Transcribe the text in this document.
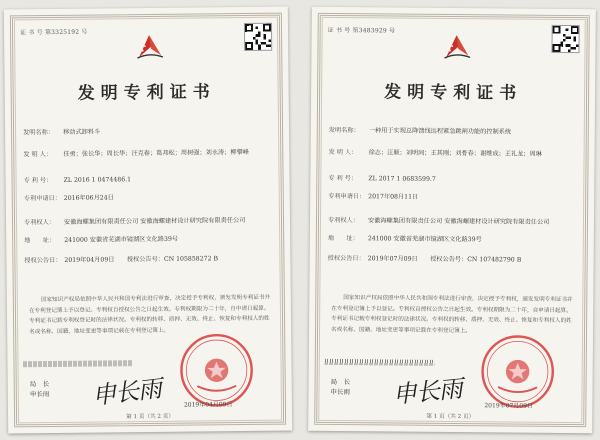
证 书 号 第3325192 号
发明专利证书
发明名称： 移动式卸料斗
发 明 人： 任勇；张长华；周长华；汪克春；葛邦松；周树强；刘永涛；柳攀峰
专 利 号： ZL 2016 1 0474486.1
专利申请日： 2016年06月24日
专利权人： 安徽海螺集团有限责任公司 安徽海螺建材设计研究院有限责任公司
地　　址： 241000 安徽省芜湖市镜湖区文化路39号
授权公告日： 2019年04月09日　　授权公告号：CN 105858272 B
国家知识产权局依照中华人民共和国专利法进行审查，决定授予专利权，颁发发明专利证书并在专利登记簿上予以登记。专利权自授权公告之日起生效。专利权期限为二十年，自申请日起算。专利证书记载专利权登记时的法律状况。专利权的转移、质押、无效、终止、恢复和专利权人的姓名或名称、国籍、地址变更等事项记载在专利登记簿上。
局　长
申长雨 申长雨	2019年04月09日
第 1 页（共 2 页）
证 书 号 第3483929 号
发明专利证书
发明名称： 一种用于实现总降馈线远程紧急跳闸功能的控制系统
发 明 人： 徐志；汪顺；刘明同；王其刚；刘骨春；谢维成；王礼龙；周琳
专 利 号： ZL 2017 1 0683599.7
专利申请日： 2017年08月11日
专利权人： 安徽海螺集团有限责任公司 安徽海螺建材设计研究院有限责任公司
地　　址： 241000 安徽省芜湖市镜湖区文化路39号
授权公告日： 2019年07月09日　　授权公告号：CN 107482790 B
国家知识产权局依照中华人民共和国专利法进行审查，决定授予专利权，颁发发明专利证书并在专利登记簿上予以登记。专利权自授权公告之日起生效。专利权期限为二十年，自申请日起算。专利证书记载专利权登记时的法律状况。专利权的转移、质押、无效、终止、恢复和专利权人的姓名或名称、国籍、地址变更等事项记载在专利登记簿上。
局　长
申长雨 申长雨	2019年07月09日
第 1 页（共 2 页）
